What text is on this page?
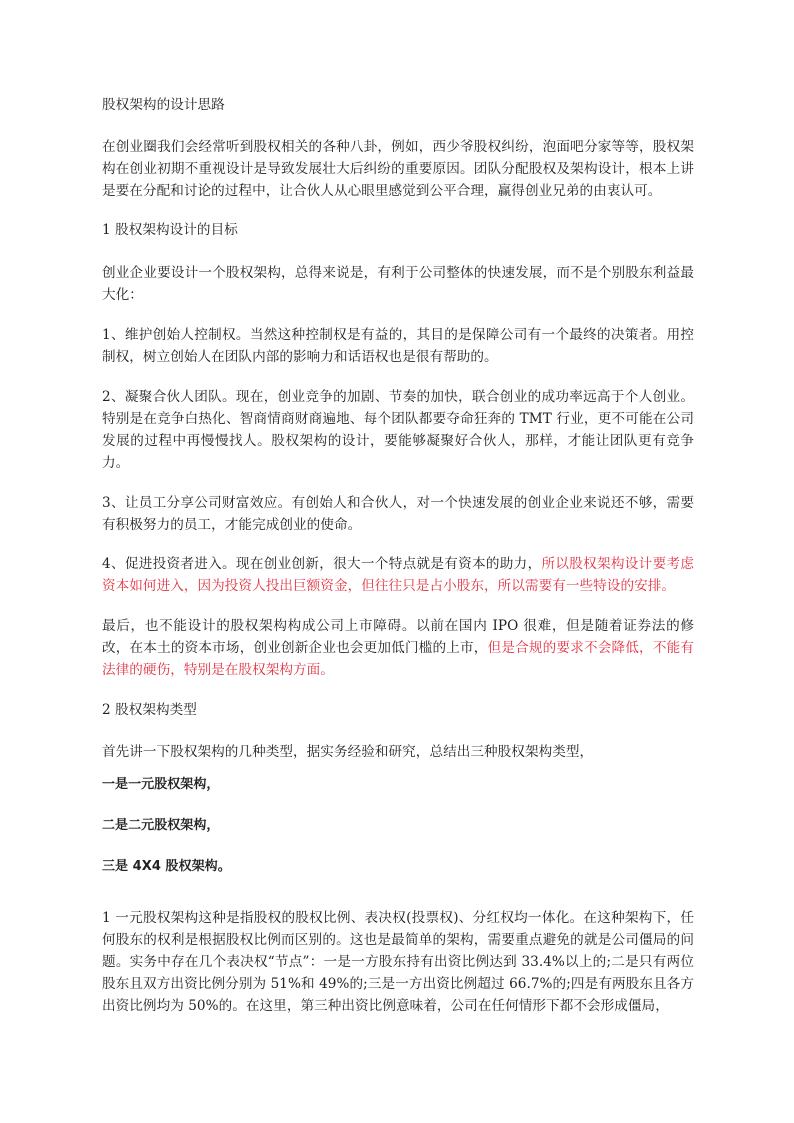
股权架构的设计思路

在创业圈我们会经常听到股权相关的各种八卦，例如，西少爷股权纠纷，泡面吧分家等等，股权架构在创业初期不重视设计是导致发展壮大后纠纷的重要原因。团队分配股权及架构设计，根本上讲是要在分配和讨论的过程中，让合伙人从心眼里感觉到公平合理，赢得创业兄弟的由衷认可。

1 股权架构设计的目标

创业企业要设计一个股权架构，总得来说是，有利于公司整体的快速发展，而不是个别股东利益最大化：

1、维护创始人控制权。当然这种控制权是有益的，其目的是保障公司有一个最终的决策者。用控制权，树立创始人在团队内部的影响力和话语权也是很有帮助的。

2、凝聚合伙人团队。现在，创业竞争的加剧、节奏的加快，联合创业的成功率远高于个人创业。特别是在竞争白热化、智商情商财商遍地、每个团队都要夺命狂奔的 TMT 行业，更不可能在公司发展的过程中再慢慢找人。股权架构的设计，要能够凝聚好合伙人，那样，才能让团队更有竞争力。

3、让员工分享公司财富效应。有创始人和合伙人，对一个快速发展的创业企业来说还不够，需要有积极努力的员工，才能完成创业的使命。

4、促进投资者进入。现在创业创新，很大一个特点就是有资本的助力，所以股权架构设计要考虑资本如何进入，因为投资人投出巨额资金，但往往只是占小股东，所以需要有一些特设的安排。

最后，也不能设计的股权架构构成公司上市障碍。以前在国内 IPO 很难，但是随着证券法的修改，在本土的资本市场，创业创新企业也会更加低门槛的上市，但是合规的要求不会降低，不能有法律的硬伤，特别是在股权架构方面。

2 股权架构类型

首先讲一下股权架构的几种类型，据实务经验和研究，总结出三种股权架构类型，

一是一元股权架构，

二是二元股权架构，

三是 4X4 股权架构。

1 一元股权架构这种是指股权的股权比例、表决权(投票权)、分红权均一体化。在这种架构下，任何股东的权利是根据股权比例而区别的。这也是最简单的架构，需要重点避免的就是公司僵局的问题。实务中存在几个表决权“节点”：一是一方股东持有出资比例达到 33.4%以上的;二是只有两位股东且双方出资比例分别为 51%和 49%的;三是一方出资比例超过 66.7%的;四是有两股东且各方出资比例均为 50%的。在这里，第三种出资比例意味着，公司在任何情形下都不会形成僵局，
